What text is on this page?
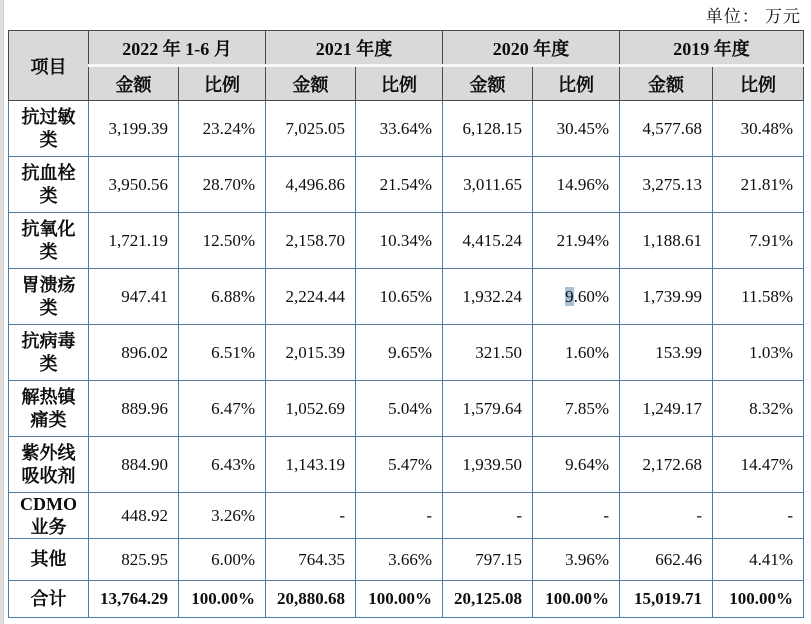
单位： 万元
项目	2022 年 1-6 月		2021 年度		2020 年度		2019 年度	
	金额	比例	金额	比例	金额	比例	金额	比例
抗过敏类	3,199.39	23.24%	7,025.05	33.64%	6,128.15	30.45%	4,577.68	30.48%
抗血栓类	3,950.56	28.70%	4,496.86	21.54%	3,011.65	14.96%	3,275.13	21.81%
抗氧化类	1,721.19	12.50%	2,158.70	10.34%	4,415.24	21.94%	1,188.61	7.91%
胃溃疡类	947.41	6.88%	2,224.44	10.65%	1,932.24	9.60%	1,739.99	11.58%
抗病毒类	896.02	6.51%	2,015.39	9.65%	321.50	1.60%	153.99	1.03%
解热镇痛类	889.96	6.47%	1,052.69	5.04%	1,579.64	7.85%	1,249.17	8.32%
紫外线吸收剂	884.90	6.43%	1,143.19	5.47%	1,939.50	9.64%	2,172.68	14.47%
CDMO 业务	448.92	3.26%	-	-	-	-	-	-
其他	825.95	6.00%	764.35	3.66%	797.15	3.96%	662.46	4.41%
合计	13,764.29	100.00%	20,880.68	100.00%	20,125.08	100.00%	15,019.71	100.00%
